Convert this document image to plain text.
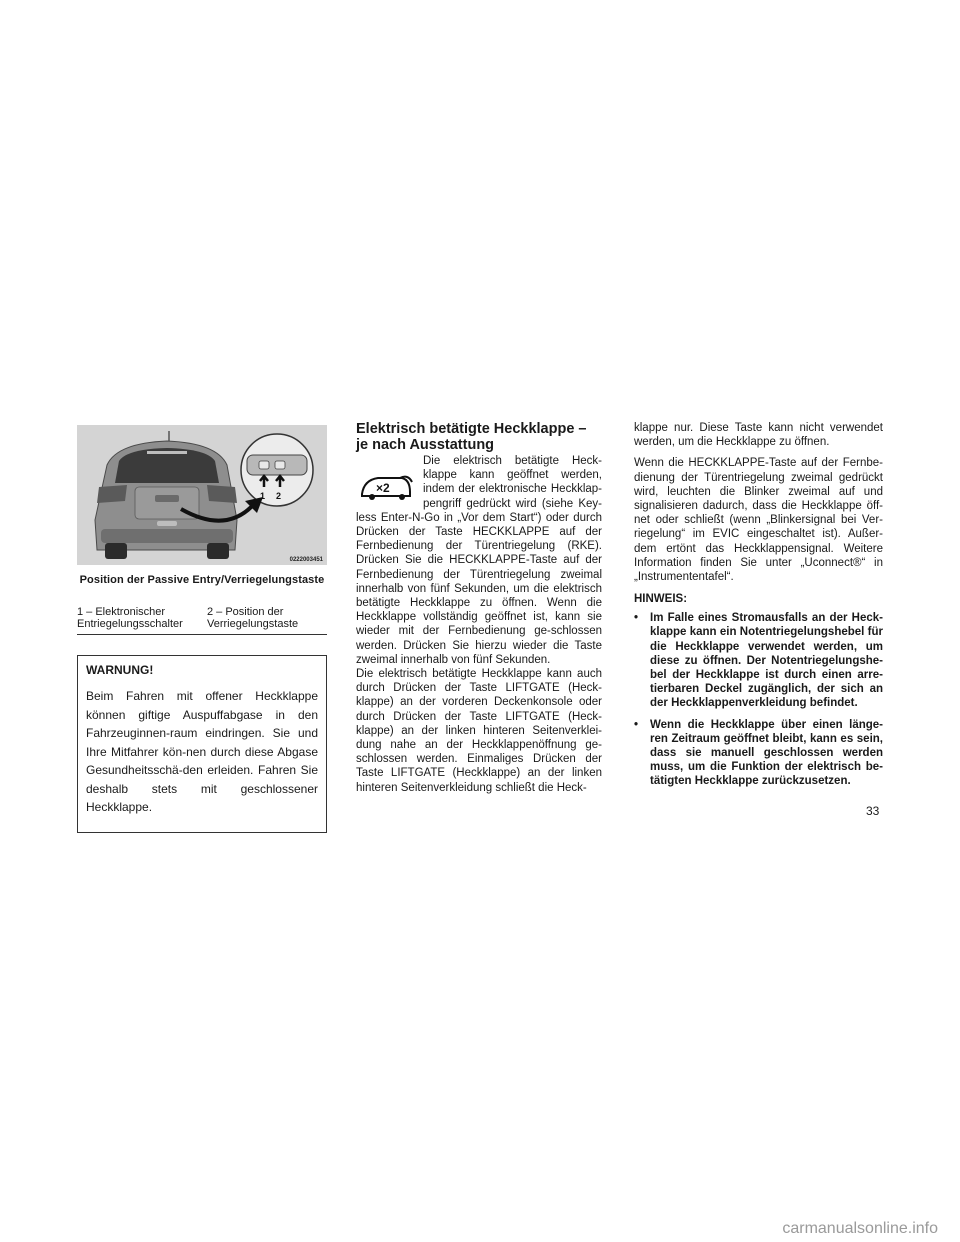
1 2
0222003451
Position der Passive Entry/Verriegelungstaste
1 – Elektronischer
Entriegelungsschalter
2 – Position der
Verriegelungstaste
WARNUNG!

Beim Fahren mit offener Heckklappe können giftige Auspuffabgase in den Fahrzeuginnen-raum eindringen. Sie und Ihre Mitfahrer kön-nen durch diese Abgase Gesundheitsschä-den erleiden. Fahren Sie deshalb stets mit geschlossener Heckklappe.

Elektrisch betätigte Heckklappe –
je nach Ausstattung
×2

Die elektrisch betätigte Heck-klappe kann geöffnet werden, indem der elektronische Heckklap-pengriff gedrückt wird (siehe Key-less Enter-N-Go in „Vor dem Start“) oder durch Drücken der Taste HECKKLAPPE auf der Fernbedienung der Türentriegelung (RKE). Drücken Sie die HECKKLAPPE-Taste auf der Fernbedienung der Türentriegelung zweimal innerhalb von fünf Sekunden, um die elektrisch betätigte Heckklappe zu öffnen. Wenn die Heckklappe vollständig geöffnet ist, kann sie wieder mit der Fernbedienung ge-schlossen werden. Drücken Sie hierzu wieder die Taste zweimal innerhalb von fünf Sekunden.

Die elektrisch betätigte Heckklappe kann auch durch Drücken der Taste LIFTGATE (Heck-klappe) an der vorderen Deckenkonsole oder durch Drücken der Taste LIFTGATE (Heck-klappe) an der linken hinteren Seitenverklei-dung nahe an der Heckklappenöffnung ge-schlossen werden. Einmaliges Drücken der Taste LIFTGATE (Heckklappe) an der linken hinteren Seitenverkleidung schließt die Heck-

klappe nur. Diese Taste kann nicht verwendet werden, um die Heckklappe zu öffnen.

Wenn die HECKKLAPPE-Taste auf der Fernbe-dienung der Türentriegelung zweimal gedrückt wird, leuchten die Blinker zweimal auf und signalisieren dadurch, dass die Heckklappe öff-net oder schließt (wenn „Blinkersignal bei Ver-riegelung“ im EVIC eingeschaltet ist). Außer-dem ertönt das Heckklappensignal. Weitere Information finden Sie unter „Uconnect®“ in „Instrumententafel“.

HINWEIS:
• Im Falle eines Stromausfalls an der Heck-klappe kann ein Notentriegelungshebel für die Heckklappe verwendet werden, um diese zu öffnen. Der Notentriegelungshe-bel der Heckklappe ist durch einen arre-tierbaren Deckel zugänglich, der sich an der Heckklappenverkleidung befindet.
• Wenn die Heckklappe über einen länge-ren Zeitraum geöffnet bleibt, kann es sein, dass sie manuell geschlossen werden muss, um die Funktion der elektrisch be-tätigten Heckklappe zurückzusetzen.
33
carmanualsonline.info
